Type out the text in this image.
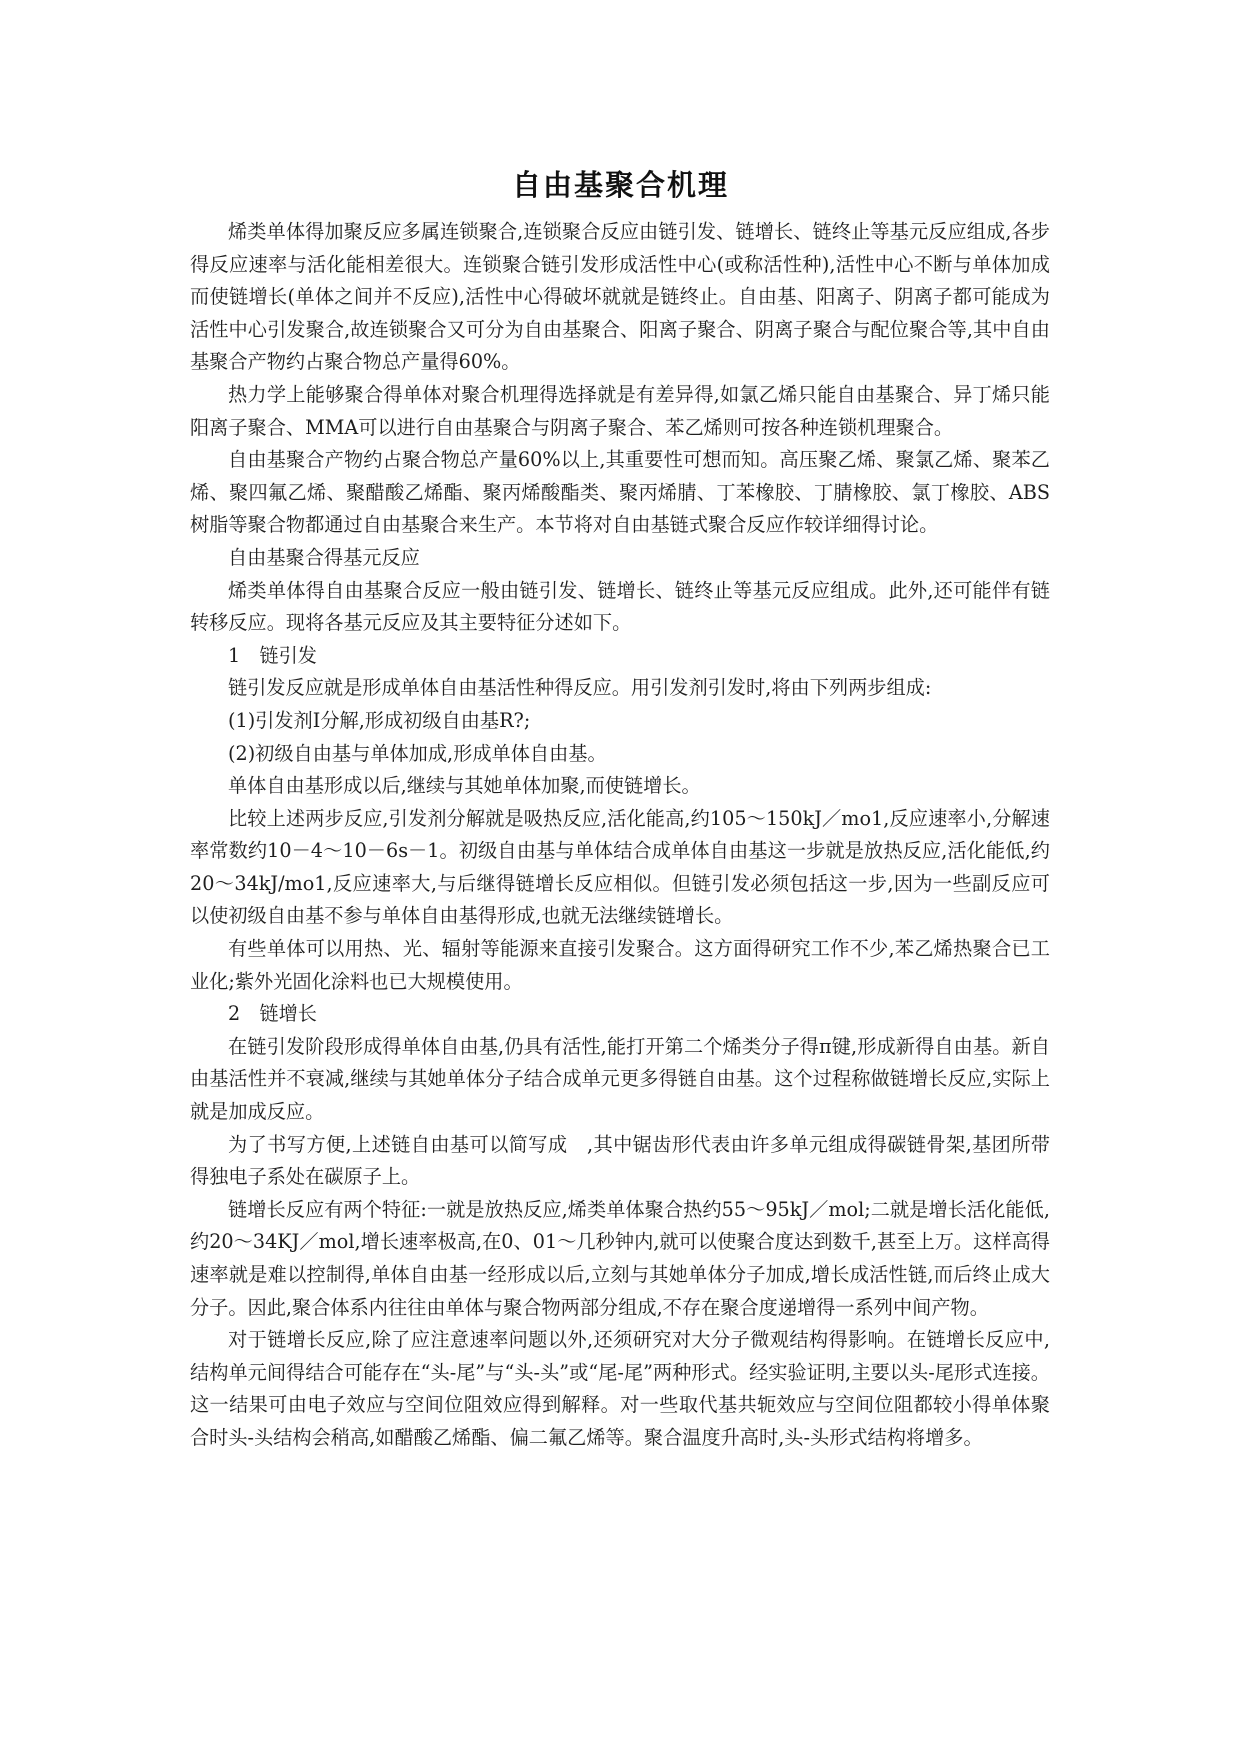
自由基聚合机理

烯类单体得加聚反应多属连锁聚合,连锁聚合反应由链引发、链增长、链终止等基元反应组成,各步得反应速率与活化能相差很大。连锁聚合链引发形成活性中心(或称活性种),活性中心不断与单体加成而使链增长(单体之间并不反应),活性中心得破坏就就是链终止。自由基、阳离子、阴离子都可能成为活性中心引发聚合,故连锁聚合又可分为自由基聚合、阳离子聚合、阴离子聚合与配位聚合等,其中自由基聚合产物约占聚合物总产量得60%。

热力学上能够聚合得单体对聚合机理得选择就是有差异得,如氯乙烯只能自由基聚合、异丁烯只能阳离子聚合、MMA可以进行自由基聚合与阴离子聚合、苯乙烯则可按各种连锁机理聚合。

自由基聚合产物约占聚合物总产量60%以上,其重要性可想而知。高压聚乙烯、聚氯乙烯、聚苯乙烯、聚四氟乙烯、聚醋酸乙烯酯、聚丙烯酸酯类、聚丙烯腈、丁苯橡胶、丁腈橡胶、氯丁橡胶、ABS树脂等聚合物都通过自由基聚合来生产。本节将对自由基链式聚合反应作较详细得讨论。

自由基聚合得基元反应

烯类单体得自由基聚合反应一般由链引发、链增长、链终止等基元反应组成。此外,还可能伴有链转移反应。现将各基元反应及其主要特征分述如下。

1　链引发

链引发反应就是形成单体自由基活性种得反应。用引发剂引发时,将由下列两步组成:

(1)引发剂I分解,形成初级自由基R?;

(2)初级自由基与单体加成,形成单体自由基。

单体自由基形成以后,继续与其她单体加聚,而使链增长。

比较上述两步反应,引发剂分解就是吸热反应,活化能高,约105～150kJ／mo1,反应速率小,分解速率常数约10－4～10－6s－1。初级自由基与单体结合成单体自由基这一步就是放热反应,活化能低,约20～34kJ/mo1,反应速率大,与后继得链增长反应相似。但链引发必须包括这一步,因为一些副反应可以使初级自由基不参与单体自由基得形成,也就无法继续链增长。

有些单体可以用热、光、辐射等能源来直接引发聚合。这方面得研究工作不少,苯乙烯热聚合已工业化;紫外光固化涂料也已大规模使用。

2　链增长

在链引发阶段形成得单体自由基,仍具有活性,能打开第二个烯类分子得π键,形成新得自由基。新自由基活性并不衰减,继续与其她单体分子结合成单元更多得链自由基。这个过程称做链增长反应,实际上就是加成反应。

为了书写方便,上述链自由基可以简写成　,其中锯齿形代表由许多单元组成得碳链骨架,基团所带得独电子系处在碳原子上。

链增长反应有两个特征:一就是放热反应,烯类单体聚合热约55～95kJ／mol;二就是增长活化能低,约20～34KJ／mol,增长速率极高,在0、01～几秒钟内,就可以使聚合度达到数千,甚至上万。这样高得速率就是难以控制得,单体自由基一经形成以后,立刻与其她单体分子加成,增长成活性链,而后终止成大分子。因此,聚合体系内往往由单体与聚合物两部分组成,不存在聚合度递增得一系列中间产物。

对于链增长反应,除了应注意速率问题以外,还须研究对大分子微观结构得影响。在链增长反应中,结构单元间得结合可能存在“头-尾”与“头-头”或“尾-尾”两种形式。经实验证明,主要以头-尾形式连接。这一结果可由电子效应与空间位阻效应得到解释。对一些取代基共轭效应与空间位阻都较小得单体聚合时头-头结构会稍高,如醋酸乙烯酯、偏二氟乙烯等。聚合温度升高时,头-头形式结构将增多。
